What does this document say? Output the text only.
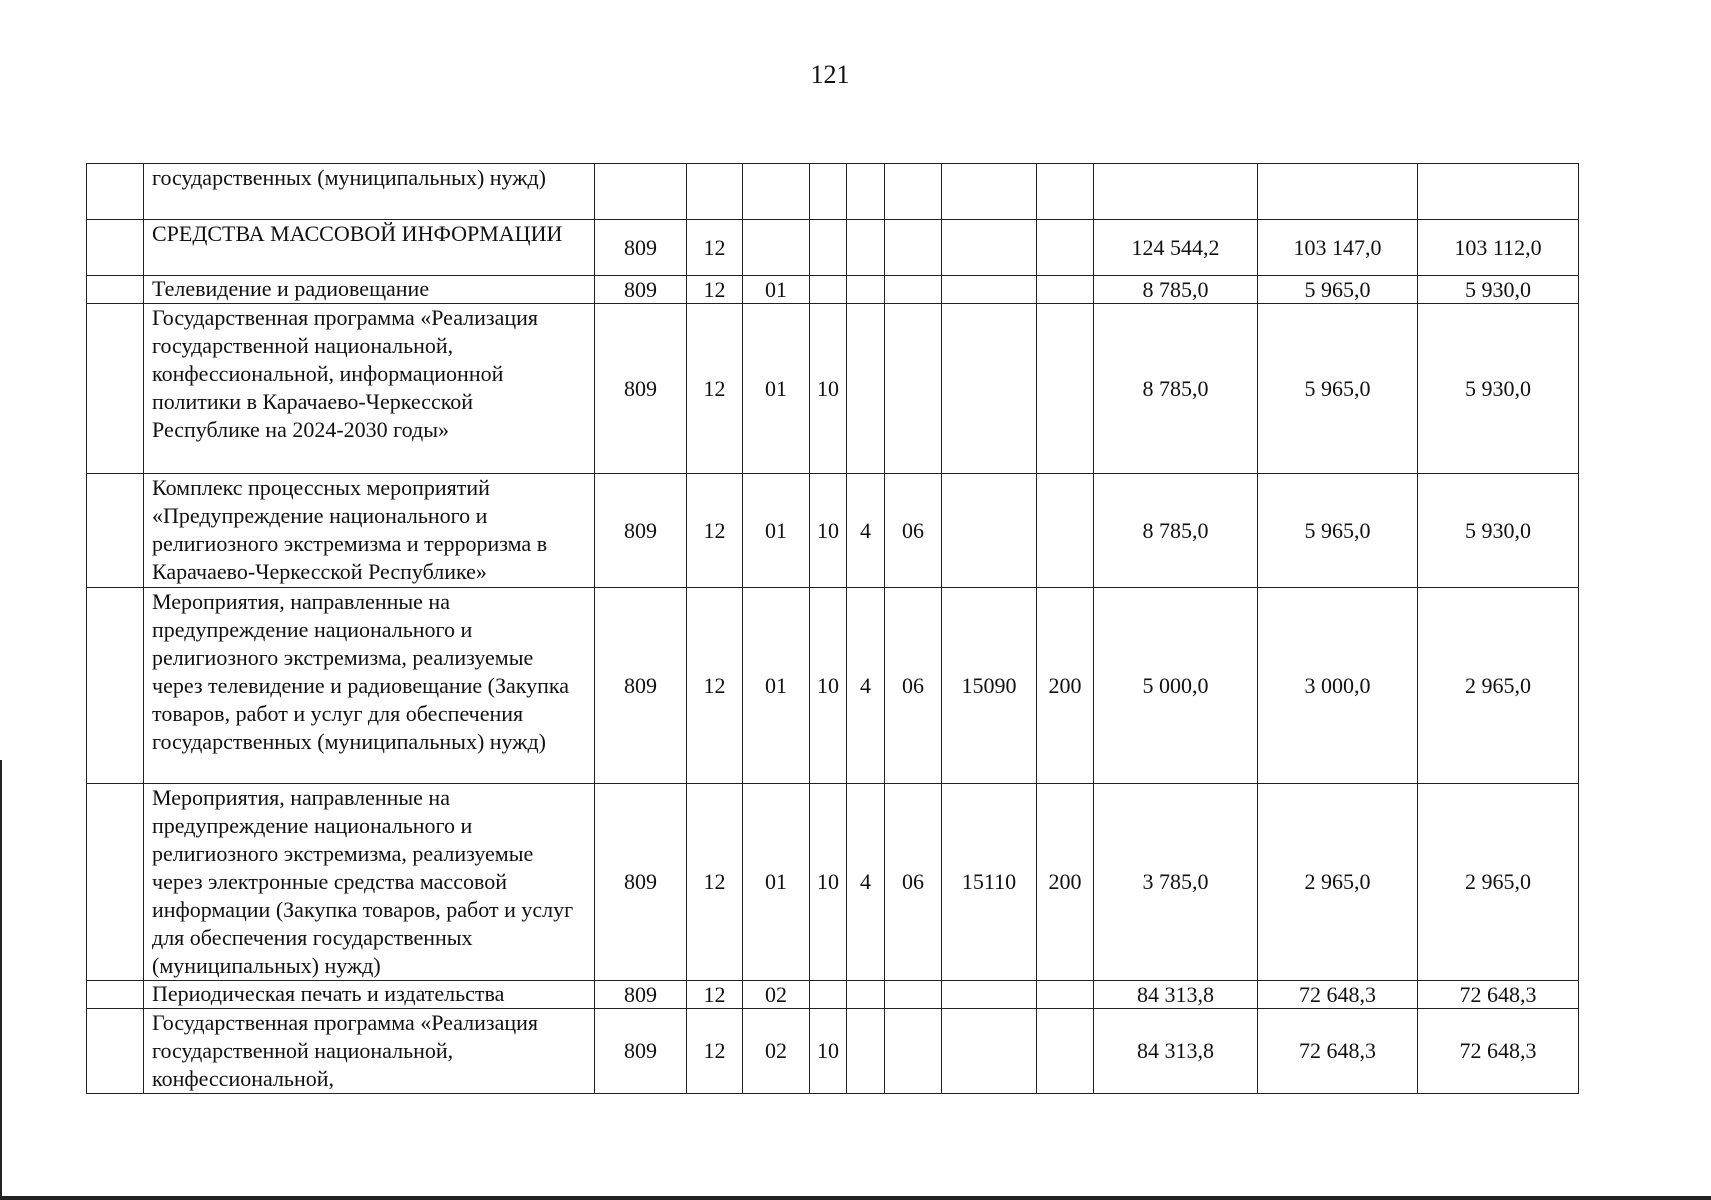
121
	государственных (муниципальных) нужд)											
	СРЕДСТВА МАССОВОЙ ИНФОРМАЦИИ	809	12							124 544,2	103 147,0	103 112,0
	Телевидение и радиовещание	809	12	01						8 785,0	5 965,0	5 930,0
	Государственная программа «Реализация государственной национальной, конфессиональной, информационной политики в Карачаево-Черкесской Республике на 2024-2030 годы»	809	12	01	10					8 785,0	5 965,0	5 930,0
	Комплекс процессных мероприятий «Предупреждение национального и религиозного экстремизма и терроризма в Карачаево-Черкесской Республике»	809	12	01	10	4	06			8 785,0	5 965,0	5 930,0
	Мероприятия, направленные на предупреждение национального и религиозного экстремизма, реализуемые через телевидение и радиовещание (Закупка товаров, работ и услуг для обеспечения государственных (муниципальных) нужд)	809	12	01	10	4	06	15090	200	5 000,0	3 000,0	2 965,0
	Мероприятия, направленные на предупреждение национального и религиозного экстремизма, реализуемые через электронные средства массовой информации (Закупка товаров, работ и услуг для обеспечения государственных (муниципальных) нужд)	809	12	01	10	4	06	15110	200	3 785,0	2 965,0	2 965,0
	Периодическая печать и издательства	809	12	02						84 313,8	72 648,3	72 648,3
	Государственная программа «Реализация государственной национальной, конфессиональной,	809	12	02	10					84 313,8	72 648,3	72 648,3
